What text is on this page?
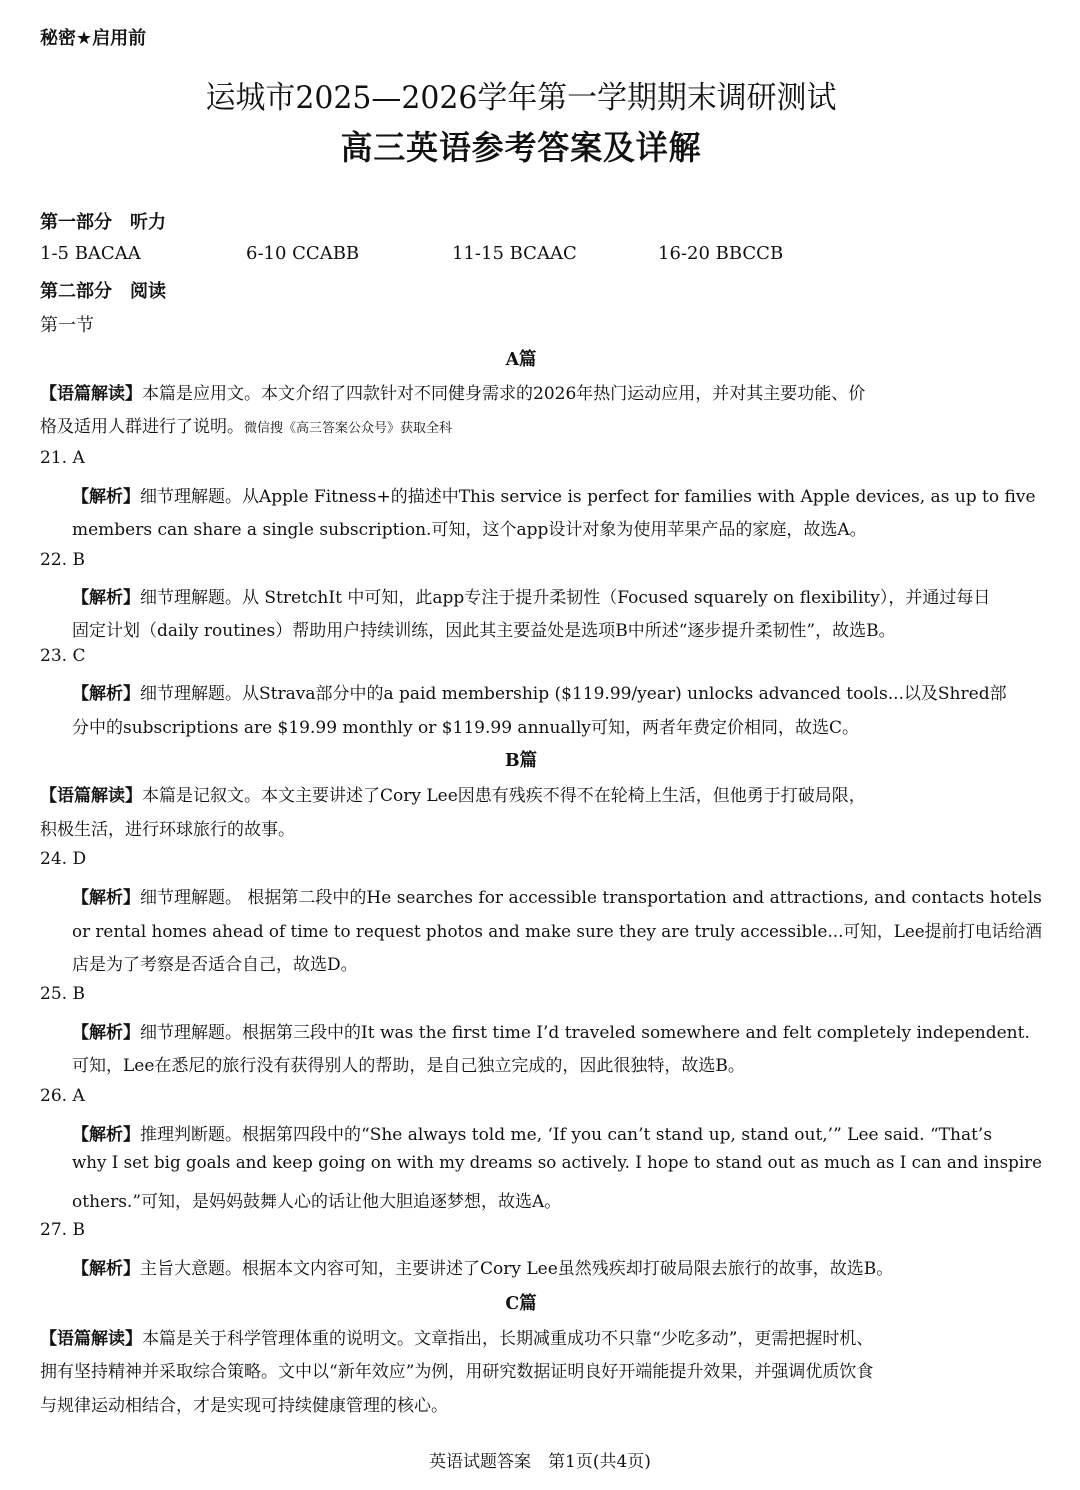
秘密★启用前
运城市2025—2026学年第一学期期末调研测试
高三英语参考答案及详解
第一部分　听力
1-5 BACAA	6-10 CCABB	11-15 BCAAC	16-20 BBCCB
第二部分　阅读
第一节
A篇
【语篇解读】本篇是应用文。本文介绍了四款针对不同健身需求的2026年热门运动应用，并对其主要功能、价
格及适用人群进行了说明。微信搜《高三答案公众号》获取全科
21. A
【解析】细节理解题。从Apple Fitness+的描述中This service is perfect for families with Apple devices, as up to five
members can share a single subscription.可知，这个app设计对象为使用苹果产品的家庭，故选A。
22. B
【解析】细节理解题。从 StretchIt 中可知，此app专注于提升柔韧性（Focused squarely on flexibility），并通过每日
固定计划（daily routines）帮助用户持续训练，因此其主要益处是选项B中所述“逐步提升柔韧性”，故选B。
23. C
【解析】细节理解题。从Strava部分中的a paid membership ($119.99/year) unlocks advanced tools...以及Shred部
分中的subscriptions are $19.99 monthly or $119.99 annually可知，两者年费定价相同，故选C。
B篇
【语篇解读】本篇是记叙文。本文主要讲述了Cory Lee因患有残疾不得不在轮椅上生活，但他勇于打破局限，
积极生活，进行环球旅行的故事。
24. D
【解析】细节理解题。 根据第二段中的He searches for accessible transportation and attractions, and contacts hotels
or rental homes ahead of time to request photos and make sure they are truly accessible...可知，Lee提前打电话给酒
店是为了考察是否适合自己，故选D。
25. B
【解析】细节理解题。根据第三段中的It was the first time I’d traveled somewhere and felt completely independent.
可知，Lee在悉尼的旅行没有获得别人的帮助，是自己独立完成的，因此很独特，故选B。
26. A
【解析】推理判断题。根据第四段中的“She always told me, ‘If you can’t stand up, stand out,’” Lee said. “That’s
why I set big goals and keep going on with my dreams so actively. I hope to stand out as much as I can and inspire
others.”可知，是妈妈鼓舞人心的话让他大胆追逐梦想，故选A。
27. B
【解析】主旨大意题。根据本文内容可知，主要讲述了Cory Lee虽然残疾却打破局限去旅行的故事，故选B。
C篇
【语篇解读】本篇是关于科学管理体重的说明文。文章指出，长期减重成功不只靠“少吃多动”，更需把握时机、
拥有坚持精神并采取综合策略。文中以“新年效应”为例，用研究数据证明良好开端能提升效果，并强调优质饮食
与规律运动相结合，才是实现可持续健康管理的核心。
英语试题答案　第1页(共4页)
